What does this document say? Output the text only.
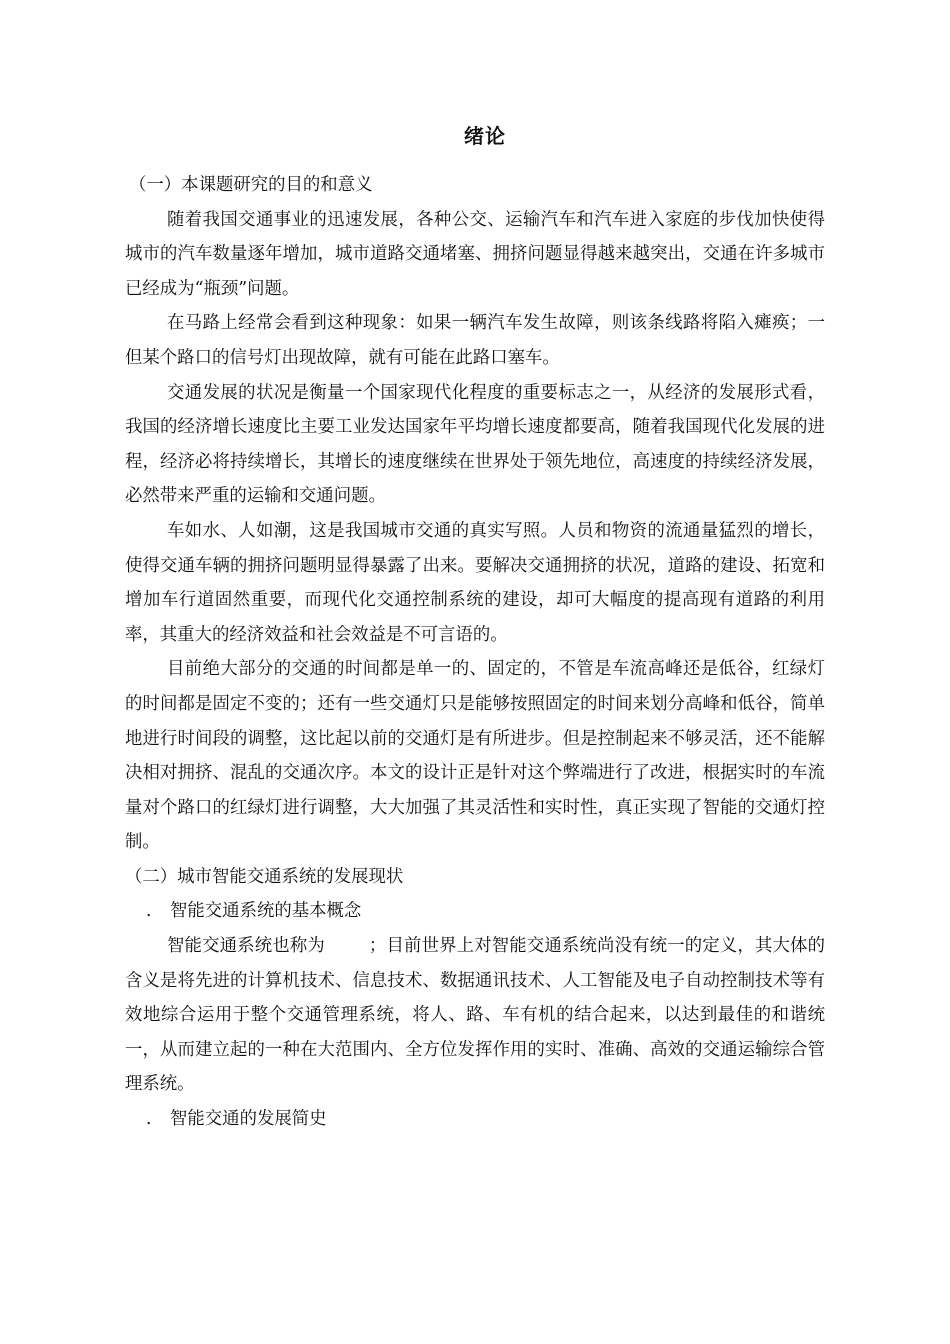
绪论
（一）本课题研究的目的和意义

随着我国交通事业的迅速发展，各种公交、运输汽车和汽车进入家庭的步伐加快使得城市的汽车数量逐年增加，城市道路交通堵塞、拥挤问题显得越来越突出，交通在许多城市已经成为“瓶颈”问题。

在马路上经常会看到这种现象：如果一辆汽车发生故障，则该条线路将陷入瘫痪；一但某个路口的信号灯出现故障，就有可能在此路口塞车。

交通发展的状况是衡量一个国家现代化程度的重要标志之一，从经济的发展形式看，我国的经济增长速度比主要工业发达国家年平均增长速度都要高，随着我国现代化发展的进程，经济必将持续增长，其增长的速度继续在世界处于领先地位，高速度的持续经济发展，必然带来严重的运输和交通问题。

车如水、人如潮，这是我国城市交通的真实写照。人员和物资的流通量猛烈的增长，使得交通车辆的拥挤问题明显得暴露了出来。要解决交通拥挤的状况，道路的建设、拓宽和增加车行道固然重要，而现代化交通控制系统的建设，却可大幅度的提高现有道路的利用率，其重大的经济效益和社会效益是不可言语的。

目前绝大部分的交通的时间都是单一的、固定的，不管是车流高峰还是低谷，红绿灯的时间都是固定不变的；还有一些交通灯只是能够按照固定的时间来划分高峰和低谷，简单地进行时间段的调整，这比起以前的交通灯是有所进步。但是控制起来不够灵活，还不能解决相对拥挤、混乱的交通次序。本文的设计正是针对这个弊端进行了改进，根据实时的车流量对个路口的红绿灯进行调整，大大加强了其灵活性和实时性，真正实现了智能的交通灯控制。

（二）城市智能交通系统的发展现状
. 智能交通系统的基本概念

智能交通系统也称为	；目前世界上对智能交通系统尚没有统一的定义，其大体的含义是将先进的计算机技术、信息技术、数据通讯技术、人工智能及电子自动控制技术等有效地综合运用于整个交通管理系统，将人、路、车有机的结合起来，以达到最佳的和谐统一，从而建立起的一种在大范围内、全方位发挥作用的实时、准确、高效的交通运输综合管理系统。

. 智能交通的发展简史
